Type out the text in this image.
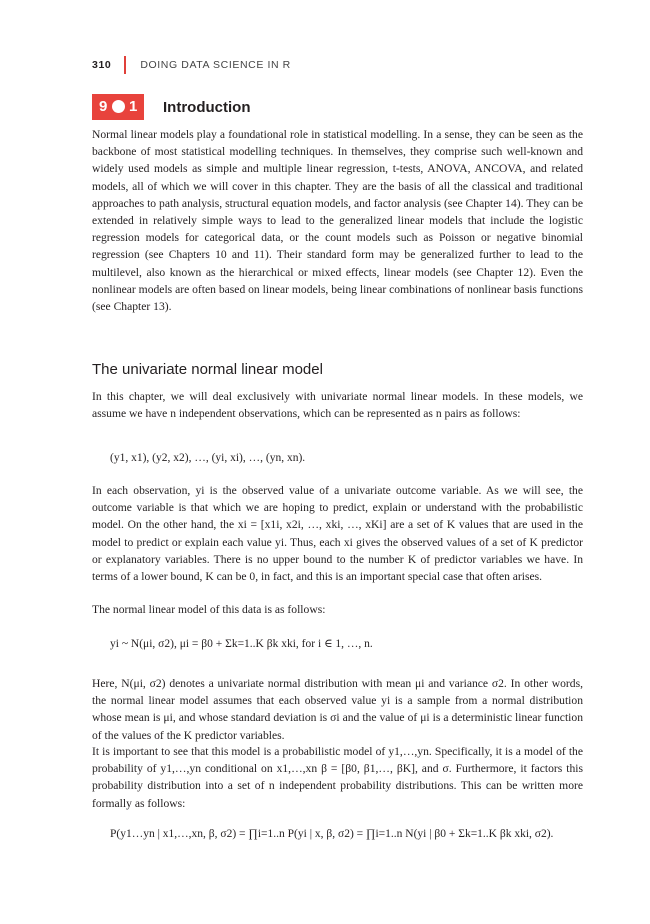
310	DOING DATA SCIENCE IN R
9 1 Introduction

Normal linear models play a foundational role in statistical modelling. In a sense, they can be seen as the backbone of most statistical modelling techniques. In themselves, they comprise such well-known and widely used models as simple and multiple linear regression, t-tests, ANOVA, ANCOVA, and related models, all of which we will cover in this chapter. They are the basis of all the classical and traditional approaches to path analysis, structural equation models, and factor analysis (see Chapter 14). They can be extended in relatively simple ways to lead to the generalized linear models that include the logistic regression models for categorical data, or the count models such as Poisson or negative binomial regression (see Chapters 10 and 11). Their standard form may be generalized further to lead to the multilevel, also known as the hierarchical or mixed effects, linear models (see Chapter 12). Even the nonlinear models are often based on linear models, being linear combinations of nonlinear basis functions (see Chapter 13).

The univariate normal linear model

In this chapter, we will deal exclusively with univariate normal linear models. In these models, we assume we have n independent observations, which can be represented as n pairs as follows:

(y1, x1), (y2, x2), …, (yi, xi), …, (yn, xn).

In each observation, yi is the observed value of a univariate outcome variable. As we will see, the outcome variable is that which we are hoping to predict, explain or understand with the probabilistic model. On the other hand, the xi = [x1i, x2i, …, xki, …, xKi] are a set of K values that are used in the model to predict or explain each value yi. Thus, each xi gives the observed values of a set of K predictor or explanatory variables. There is no upper bound to the number K of predictor variables we have. In terms of a lower bound, K can be 0, in fact, and this is an important special case that often arises.

The normal linear model of this data is as follows:

yi ~ N(μi, σ2), μi = β0 + Σk=1..K βk xki, for i ∈ 1, …, n.

Here, N(μi, σ2) denotes a univariate normal distribution with mean μi and variance σ2. In other words, the normal linear model assumes that each observed value yi is a sample from a normal distribution whose mean is μi, and whose standard deviation is σi and the value of μi is a deterministic linear function of the values of the K predictor variables.

It is important to see that this model is a probabilistic model of y1,…,yn. Specifically, it is a model of the probability of y1,…,yn conditional on x1,…,xn β = [β0, β1,…, βK], and σ. Furthermore, it factors this probability distribution into a set of n independent probability distributions. This can be written more formally as follows:

P(y1…yn | x1,…,xn, β, σ2) = ∏i=1..n P(yi | x, β, σ2) = ∏i=1..n N(yi | β0 + Σk=1..K βk xki, σ2).
